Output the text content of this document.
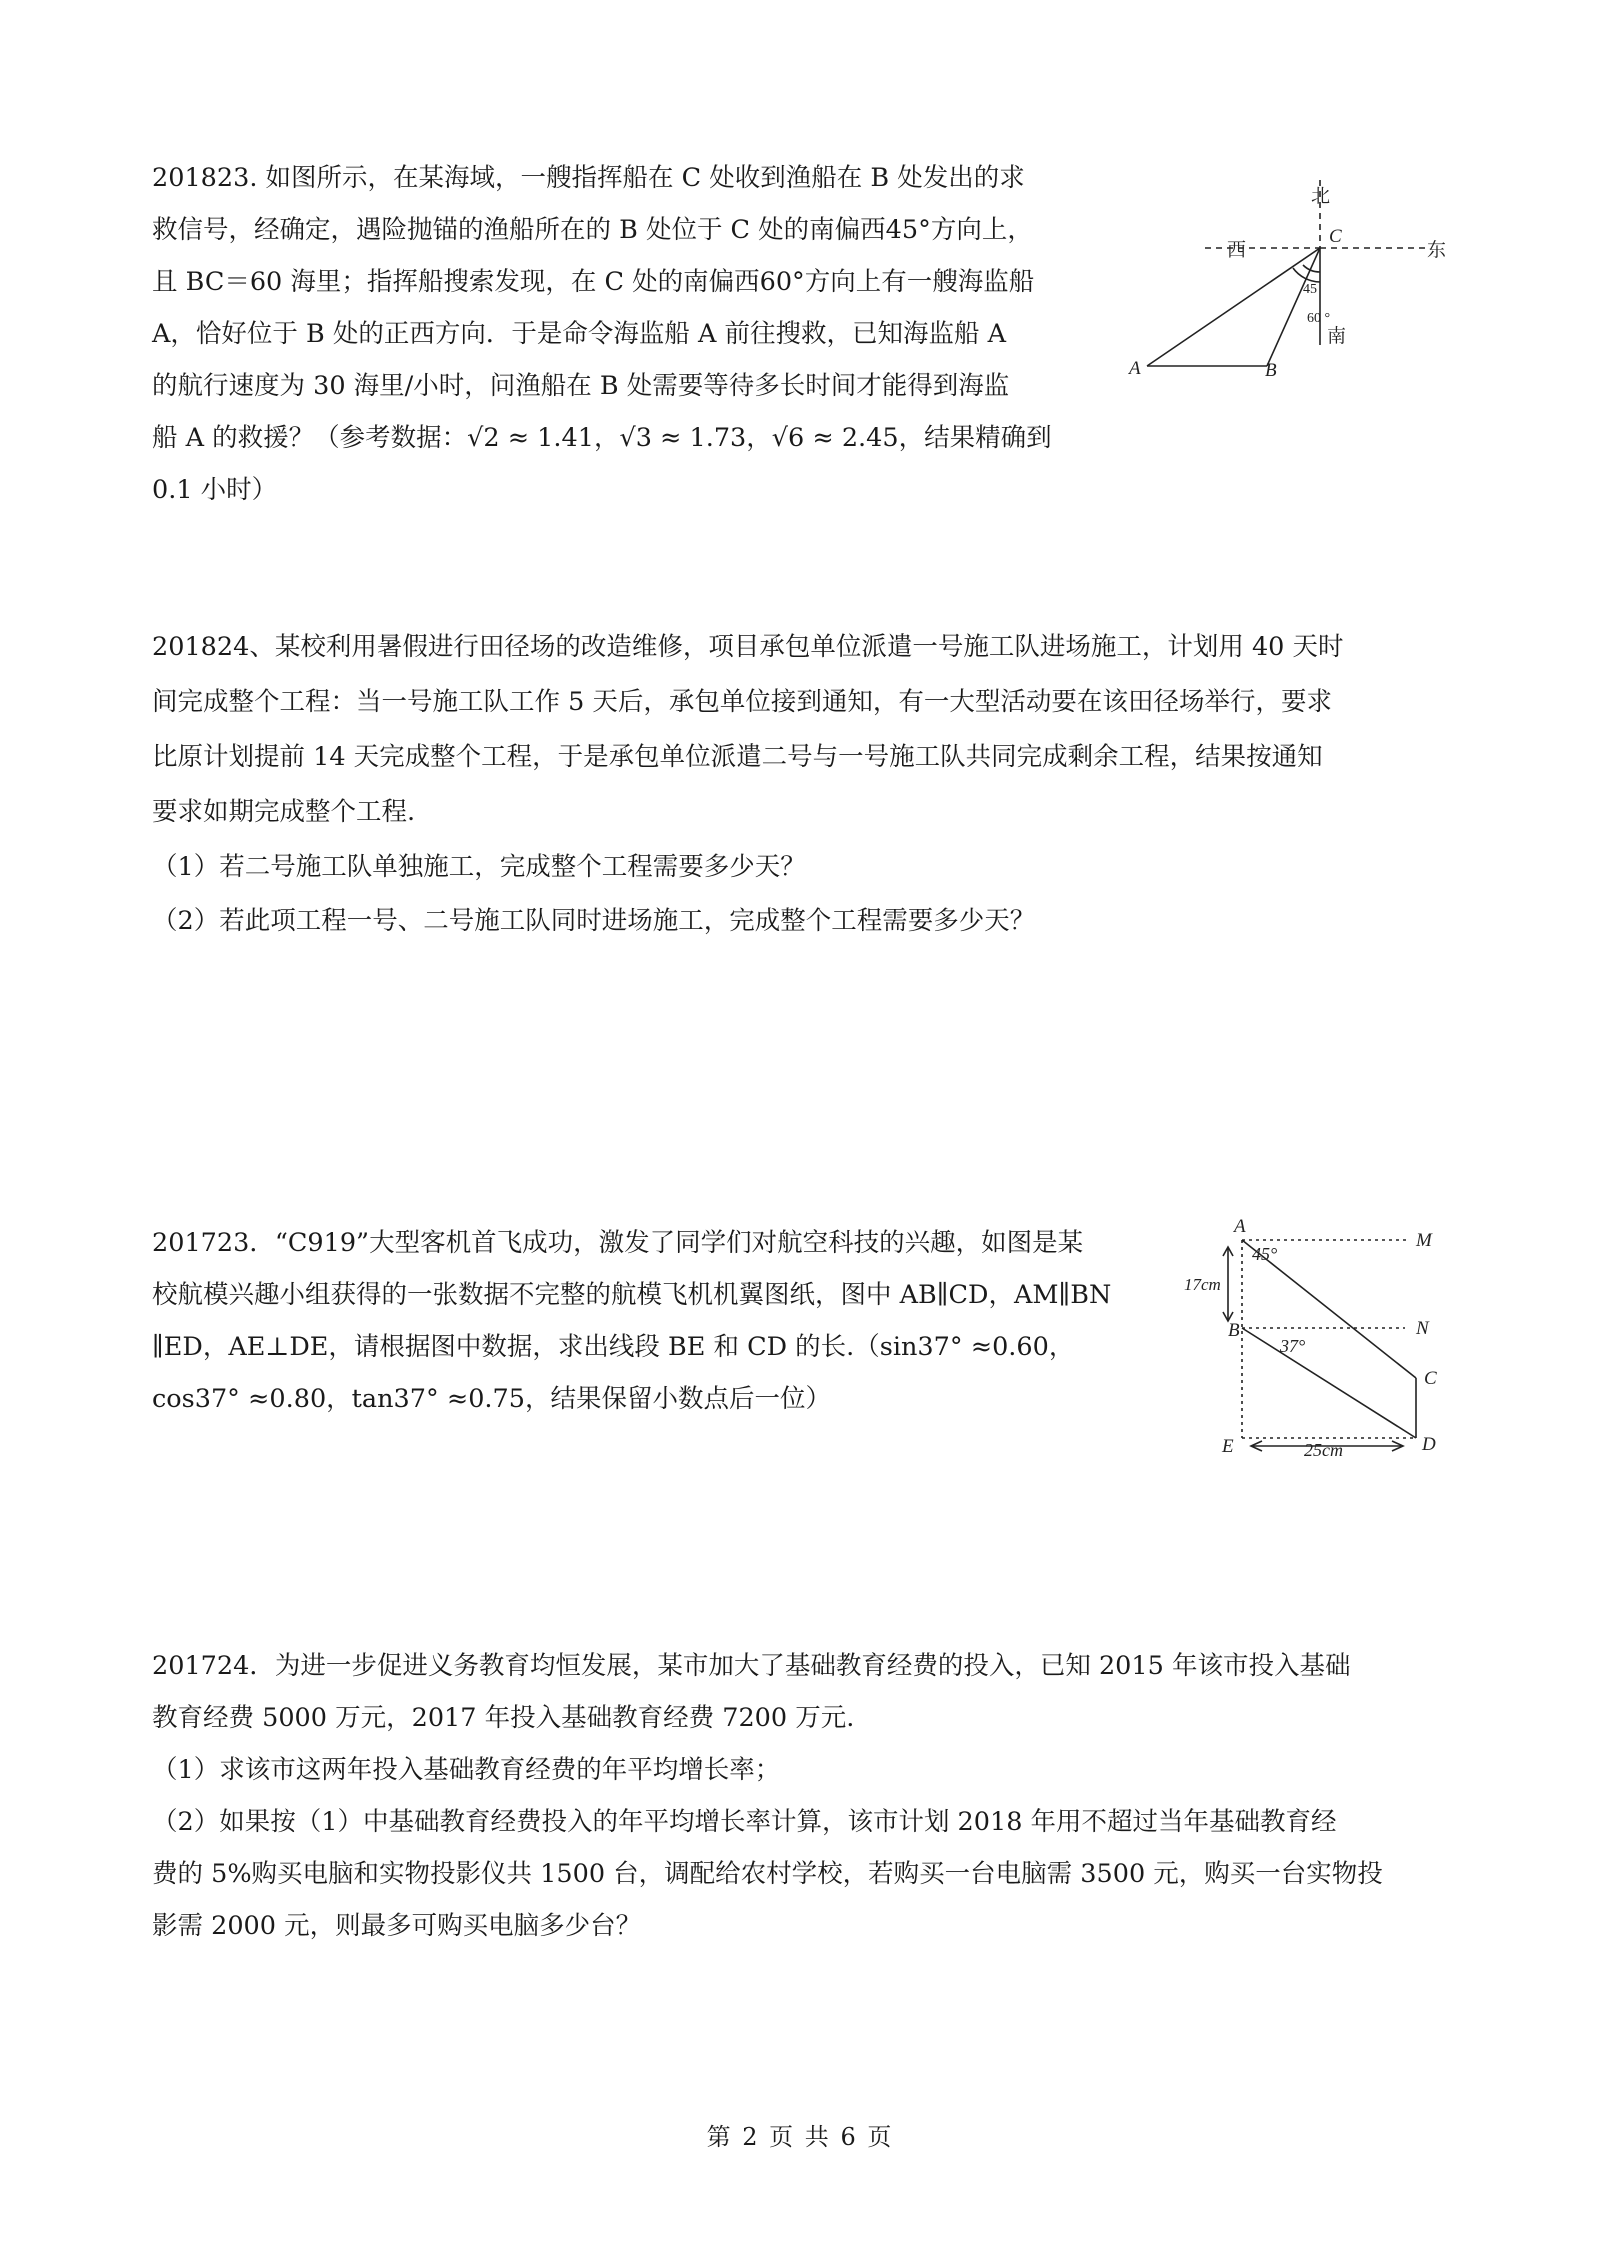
201823. 如图所示，在某海域，一艘指挥船在 C 处收到渔船在 B 处发出的求
救信号，经确定，遇险抛锚的渔船所在的 B 处位于 C 处的南偏西45°方向上，
且 BC＝60 海里；指挥船搜索发现，在 C 处的南偏西60°方向上有一艘海监船
A，恰好位于 B 处的正西方向．于是命令海监船 A 前往搜救，已知海监船 A
的航行速度为 30 海里/小时，问渔船在 B 处需要等待多长时间才能得到海监
船 A 的救援？（参考数据：√2 ≈ 1.41，√3 ≈ 1.73，√6 ≈ 2.45，结果精确到
0.1 小时）

北
西	东
南
C
A	B
45
60 °

201824、某校利用暑假进行田径场的改造维修，项目承包单位派遣一号施工队进场施工，计划用 40 天时
间完成整个工程：当一号施工队工作 5 天后，承包单位接到通知，有一大型活动要在该田径场举行，要求
比原计划提前 14 天完成整个工程，于是承包单位派遣二号与一号施工队共同完成剩余工程，结果按通知
要求如期完成整个工程.

（1）若二号施工队单独施工，完成整个工程需要多少天？

（2）若此项工程一号、二号施工队同时进场施工，完成整个工程需要多少天？

201723．“C919”大型客机首飞成功，激发了同学们对航空科技的兴趣，如图是某
校航模兴趣小组获得的一张数据不完整的航模飞机机翼图纸，图中 AB∥CD，AM∥BN
∥ED，AE⊥DE，请根据图中数据，求出线段 BE 和 CD 的长.（sin37° ≈0.60，
cos37° ≈0.80，tan37° ≈0.75，结果保留小数点后一位）

A
M
B	N
C
D
E
45°
37°
17cm
25cm

201724．为进一步促进义务教育均恒发展，某市加大了基础教育经费的投入，已知 2015 年该市投入基础
教育经费 5000 万元，2017 年投入基础教育经费 7200 万元.

（1）求该市这两年投入基础教育经费的年平均增长率；

（2）如果按（1）中基础教育经费投入的年平均增长率计算，该市计划 2018 年用不超过当年基础教育经
费的 5%购买电脑和实物投影仪共 1500 台，调配给农村学校，若购买一台电脑需 3500 元，购买一台实物投
影需 2000 元，则最多可购买电脑多少台？

第 2 页 共 6 页
